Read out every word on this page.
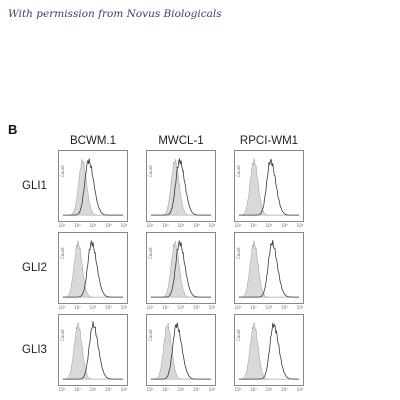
With permission from Novus Biologicals
B
BCWM.1	MWCL-1	RPCI-WM1
GLI1
GLI2
GLI3
Count
10⁰ 10¹ 10² 10³ 10⁴
Count
10⁰ 10¹ 10² 10³ 10⁴
Count
10⁰ 10¹ 10² 10³ 10⁴
Count
10⁰ 10¹ 10² 10³ 10⁴
Count
10⁰ 10¹ 10² 10³ 10⁴
Count
10⁰ 10¹ 10² 10³ 10⁴
Count
10⁰ 10¹ 10² 10³ 10⁴
Count
10⁰ 10¹ 10² 10³ 10⁴
Count
10⁰ 10¹ 10² 10³ 10⁴
